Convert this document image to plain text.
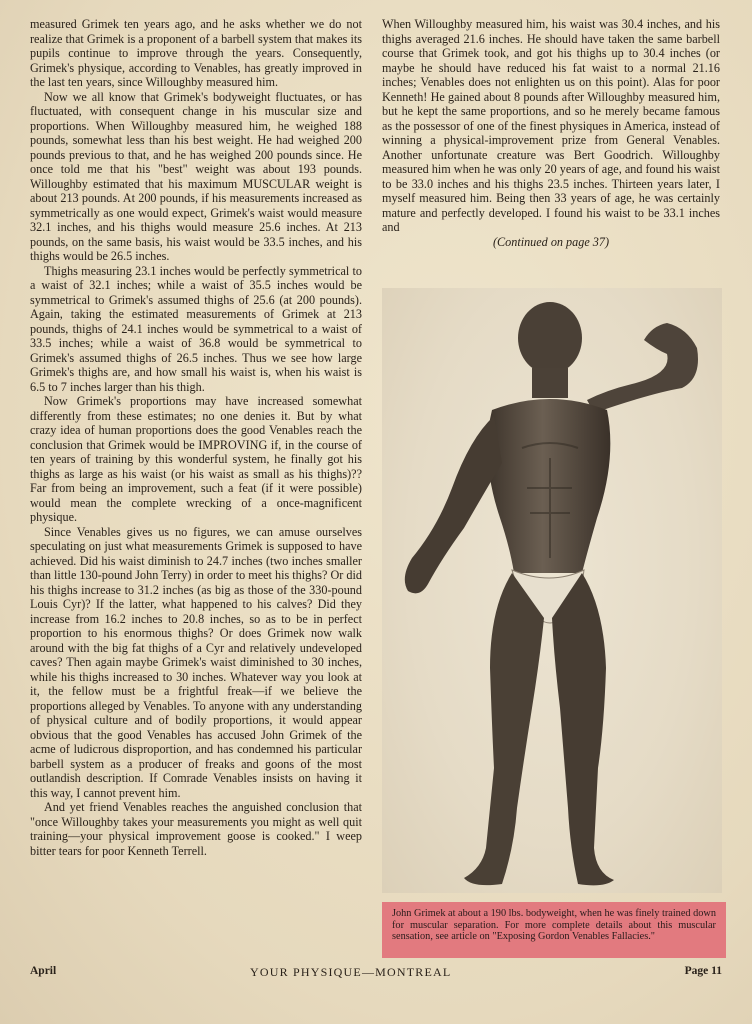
measured Grimek ten years ago, and he asks whether we do not realize that Grimek is a proponent of a barbell system that makes its pupils continue to improve through the years. Consequently, Grimek's physique, according to Venables, has greatly improved in the last ten years, since Willoughby measured him.

Now we all know that Grimek's bodyweight fluctuates, or has fluctuated, with consequent change in his muscular size and proportions. When Willoughby measured him, he weighed 188 pounds, somewhat less than his best weight. He had weighed 200 pounds previous to that, and he has weighed 200 pounds since. He once told me that his "best" weight was about 193 pounds. Willoughby estimated that his maximum MUSCULAR weight is about 213 pounds. At 200 pounds, if his measurements increased as symmetrically as one would expect, Grimek's waist would measure 32.1 inches, and his thighs would measure 25.6 inches. At 213 pounds, on the same basis, his waist would be 33.5 inches, and his thighs would be 26.5 inches.

Thighs measuring 23.1 inches would be perfectly symmetrical to a waist of 32.1 inches; while a waist of 35.5 inches would be symmetrical to Grimek's assumed thighs of 25.6 (at 200 pounds). Again, taking the estimated measurements of Grimek at 213 pounds, thighs of 24.1 inches would be symmetrical to a waist of 33.5 inches; while a waist of 36.8 would be symmetrical to Grimek's assumed thighs of 26.5 inches. Thus we see how large Grimek's thighs are, and how small his waist is, when his waist is 6.5 to 7 inches larger than his thigh.

Now Grimek's proportions may have increased somewhat differently from these estimates; no one denies it. But by what crazy idea of human proportions does the good Venables reach the conclusion that Grimek would be IMPROVING if, in the course of ten years of training by this wonderful system, he finally got his thighs as large as his waist (or his waist as small as his thighs)?? Far from being an improvement, such a feat (if it were possible) would mean the complete wrecking of a once-magnificent physique.

Since Venables gives us no figures, we can amuse ourselves speculating on just what measurements Grimek is supposed to have achieved. Did his waist diminish to 24.7 inches (two inches smaller than little 130-pound John Terry) in order to meet his thighs? Or did his thighs increase to 31.2 inches (as big as those of the 330-pound Louis Cyr)? If the latter, what happened to his calves? Did they increase from 16.2 inches to 20.8 inches, so as to be in perfect proportion to his enormous thighs? Or does Grimek now walk around with the big fat thighs of a Cyr and relatively undeveloped caves? Then again maybe Grimek's waist diminished to 30 inches, while his thighs increased to 30 inches. Whatever way you look at it, the fellow must be a frightful freak—if we believe the proportions alleged by Venables. To anyone with any understanding of physical culture and of bodily proportions, it would appear obvious that the good Venables has accused John Grimek of the acme of ludicrous disproportion, and has condemned his particular barbell system as a producer of freaks and goons of the most outlandish description. If Comrade Venables insists on having it this way, I cannot prevent him.

And yet friend Venables reaches the anguished conclusion that "once Willoughby takes your measurements you might as well quit training—your physical improvement goose is cooked." I weep bitter tears for poor Kenneth Terrell.

When Willoughby measured him, his waist was 30.4 inches, and his thighs averaged 21.6 inches. He should have taken the same barbell course that Grimek took, and got his thighs up to 30.4 inches (or maybe he should have reduced his fat waist to a normal 21.16 inches; Venables does not enlighten us on this point). Alas for poor Kenneth! He gained about 8 pounds after Willoughby measured him, but he kept the same proportions, and so he merely became famous as the possessor of one of the finest physiques in America, instead of winning a physical-improvement prize from General Venables. Another unfortunate creature was Bert Goodrich. Willoughby measured him when he was only 20 years of age, and found his waist to be 33.0 inches and his thighs 23.5 inches. Thirteen years later, I myself measured him. Being then 33 years of age, he was certainly mature and perfectly developed. I found his waist to be 33.1 inches and

(Continued on page 37)

John Grimek at about a 190 lbs. bodyweight, when he was finely trained down for muscular separation. For more complete details about this muscular sensation, see article on "Exposing Gordon Venables Fallacies."
April	YOUR PHYSIQUE—MONTREAL	Page 11
